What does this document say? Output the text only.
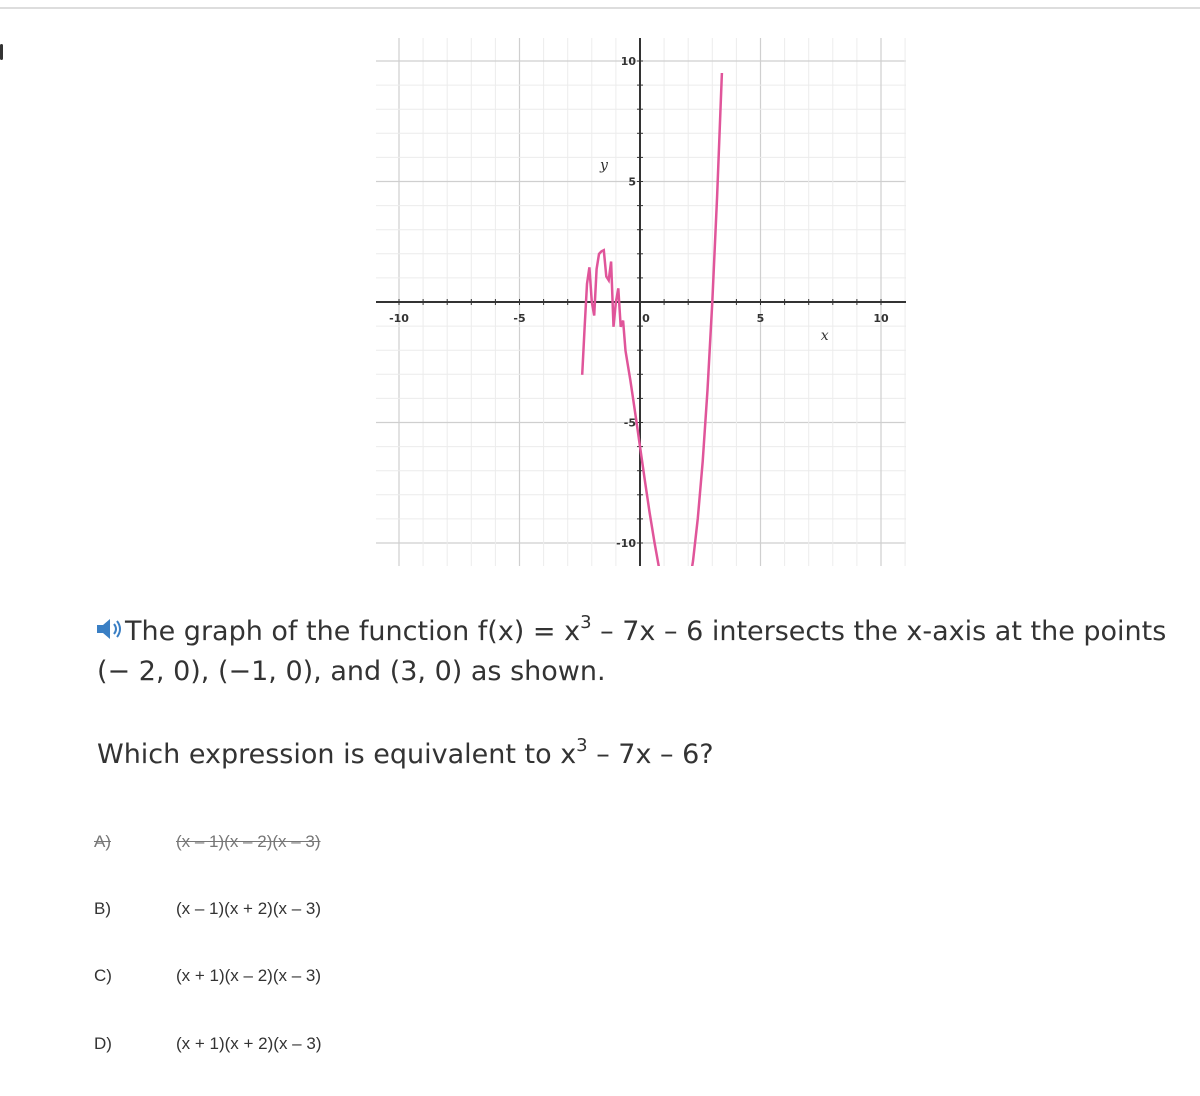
-10	-5	0	5	10
10
5
-5
-10
x
y
The graph of the function $f(x) = x^3 - 7x - 6$ intersects the x-axis at the points (− 2, 0), (−1, 0), and (3, 0) as shown.
Which expression is equivalent to $x^3 - 7x - 6$?
A)	(x – 1)(x – 2)(x – 3)
B)	(x – 1)(x + 2)(x – 3)
C)	(x + 1)(x – 2)(x – 3)
D)	(x + 1)(x + 2)(x – 3)
